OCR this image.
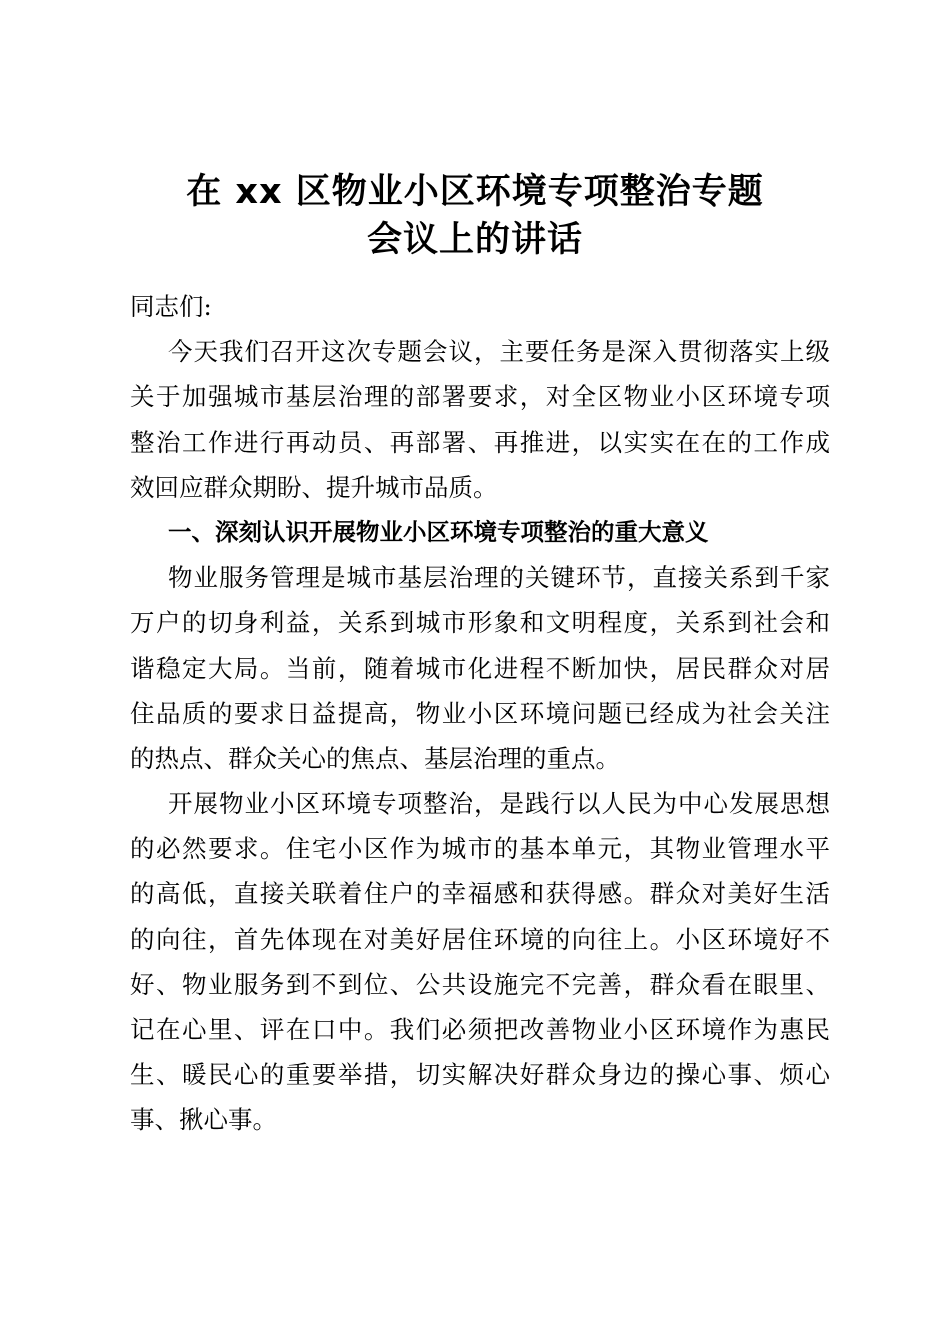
在 xx 区物业小区环境专项整治专题
会议上的讲话
同志们:
今天我们召开这次专题会议，主要任务是深入贯彻落实上级
关于加强城市基层治理的部署要求，对全区物业小区环境专项
整治工作进行再动员、再部署、再推进，以实实在在的工作成
效回应群众期盼、提升城市品质。
一、深刻认识开展物业小区环境专项整治的重大意义
物业服务管理是城市基层治理的关键环节，直接关系到千家
万户的切身利益，关系到城市形象和文明程度，关系到社会和
谐稳定大局。当前，随着城市化进程不断加快，居民群众对居
住品质的要求日益提高，物业小区环境问题已经成为社会关注
的热点、群众关心的焦点、基层治理的重点。
开展物业小区环境专项整治，是践行以人民为中心发展思想
的必然要求。住宅小区作为城市的基本单元，其物业管理水平
的高低，直接关联着住户的幸福感和获得感。群众对美好生活
的向往，首先体现在对美好居住环境的向往上。小区环境好不
好、物业服务到不到位、公共设施完不完善，群众看在眼里、
记在心里、评在口中。我们必须把改善物业小区环境作为惠民
生、暖民心的重要举措，切实解决好群众身边的操心事、烦心
事、揪心事。
